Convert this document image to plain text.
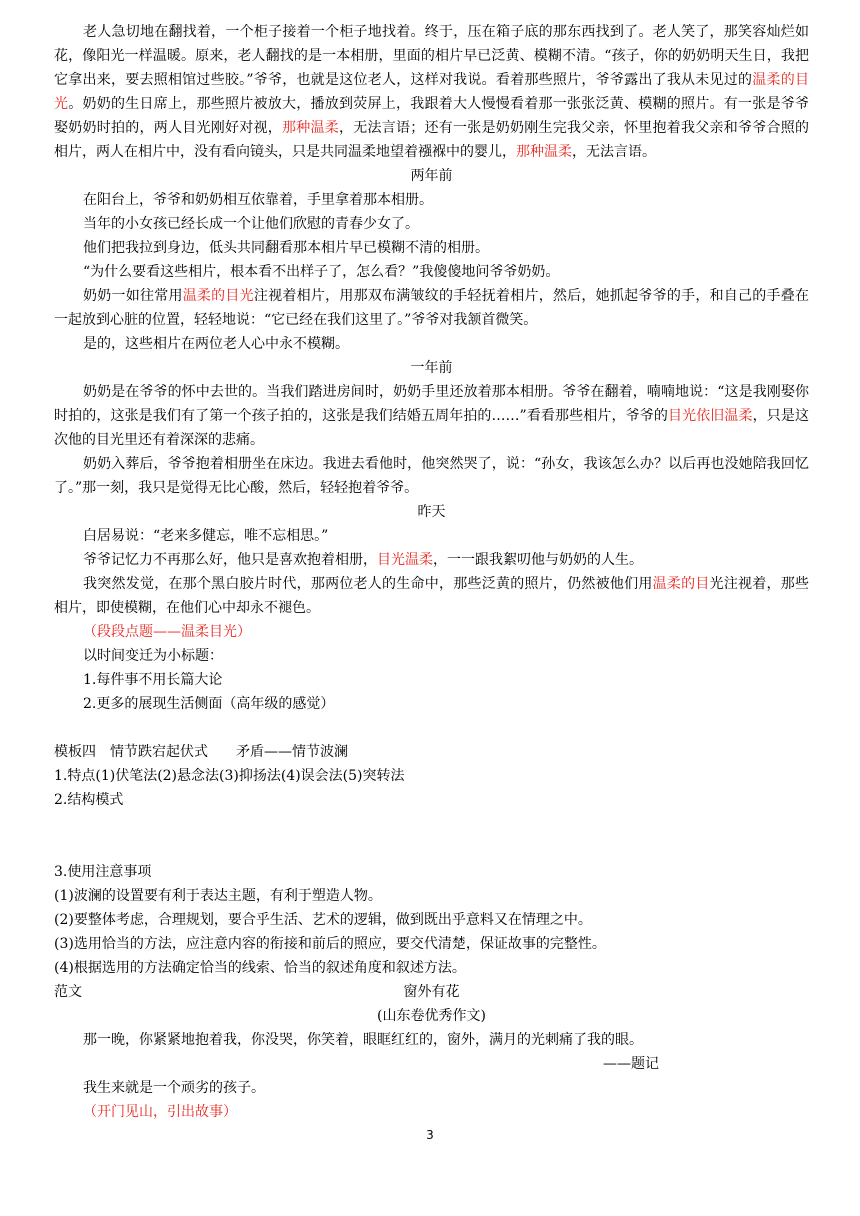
老人急切地在翻找着，一个柜子接着一个柜子地找着。终于，压在箱子底的那东西找到了。老人笑了，那笑容灿烂如花，像阳光一样温暖。原来，老人翻找的是一本相册，里面的相片早已泛黄、模糊不清。“孩子，你的奶奶明天生日，我把它拿出来，要去照相馆过些胶。”爷爷，也就是这位老人，这样对我说。看着那些照片，爷爷露出了我从未见过的温柔的目光。奶奶的生日席上，那些照片被放大，播放到荧屏上，我跟着大人慢慢看着那一张张泛黄、模糊的照片。有一张是爷爷娶奶奶时拍的，两人目光刚好对视，那种温柔，无法言语；还有一张是奶奶刚生完我父亲，怀里抱着我父亲和爷爷合照的相片，两人在相片中，没有看向镜头，只是共同温柔地望着襁褓中的婴儿，那种温柔，无法言语。

两年前

在阳台上，爷爷和奶奶相互依靠着，手里拿着那本相册。

当年的小女孩已经长成一个让他们欣慰的青春少女了。

他们把我拉到身边，低头共同翻看那本相片早已模糊不清的相册。

“为什么要看这些相片，根本看不出样子了，怎么看？”我傻傻地问爷爷奶奶。

奶奶一如往常用温柔的目光注视着相片，用那双布满皱纹的手轻抚着相片，然后，她抓起爷爷的手，和自己的手叠在一起放到心脏的位置，轻轻地说：“它已经在我们这里了。”爷爷对我颔首微笑。

是的，这些相片在两位老人心中永不模糊。

一年前

奶奶是在爷爷的怀中去世的。当我们踏进房间时，奶奶手里还放着那本相册。爷爷在翻着，喃喃地说：“这是我刚娶你时拍的，这张是我们有了第一个孩子拍的，这张是我们结婚五周年拍的……”看看那些相片，爷爷的目光依旧温柔，只是这次他的目光里还有着深深的悲痛。

奶奶入葬后，爷爷抱着相册坐在床边。我进去看他时，他突然哭了，说：“孙女，我该怎么办？以后再也没她陪我回忆了。”那一刻，我只是觉得无比心酸，然后，轻轻抱着爷爷。

昨天

白居易说：“老来多健忘，唯不忘相思。”

爷爷记忆力不再那么好，他只是喜欢抱着相册，目光温柔，一一跟我絮叨他与奶奶的人生。

我突然发觉，在那个黑白胶片时代，那两位老人的生命中，那些泛黄的照片，仍然被他们用温柔的目光注视着，那些相片，即使模糊，在他们心中却永不褪色。

（段段点题——温柔目光）

以时间变迁为小标题：

1.每件事不用长篇大论

2.更多的展现生活侧面（高年级的感觉）

模板四　情节跌宕起伏式　　矛盾——情节波澜

1.特点(1)伏笔法(2)悬念法(3)抑扬法(4)误会法(5)突转法

2.结构模式

3.使用注意事项

(1)波澜的设置要有利于表达主题，有利于塑造人物。

(2)要整体考虑，合理规划，要合乎生活、艺术的逻辑，做到既出乎意料又在情理之中。

(3)选用恰当的方法，应注意内容的衔接和前后的照应，要交代清楚，保证故事的完整性。

(4)根据选用的方法确定恰当的线索、恰当的叙述角度和叙述方法。

范文	窗外有花

(山东卷优秀作文)

那一晚，你紧紧地抱着我，你没哭，你笑着，眼眶红红的，窗外，满月的光刺痛了我的眼。

——题记

我生来就是一个顽劣的孩子。

（开门见山，引出故事）

3
